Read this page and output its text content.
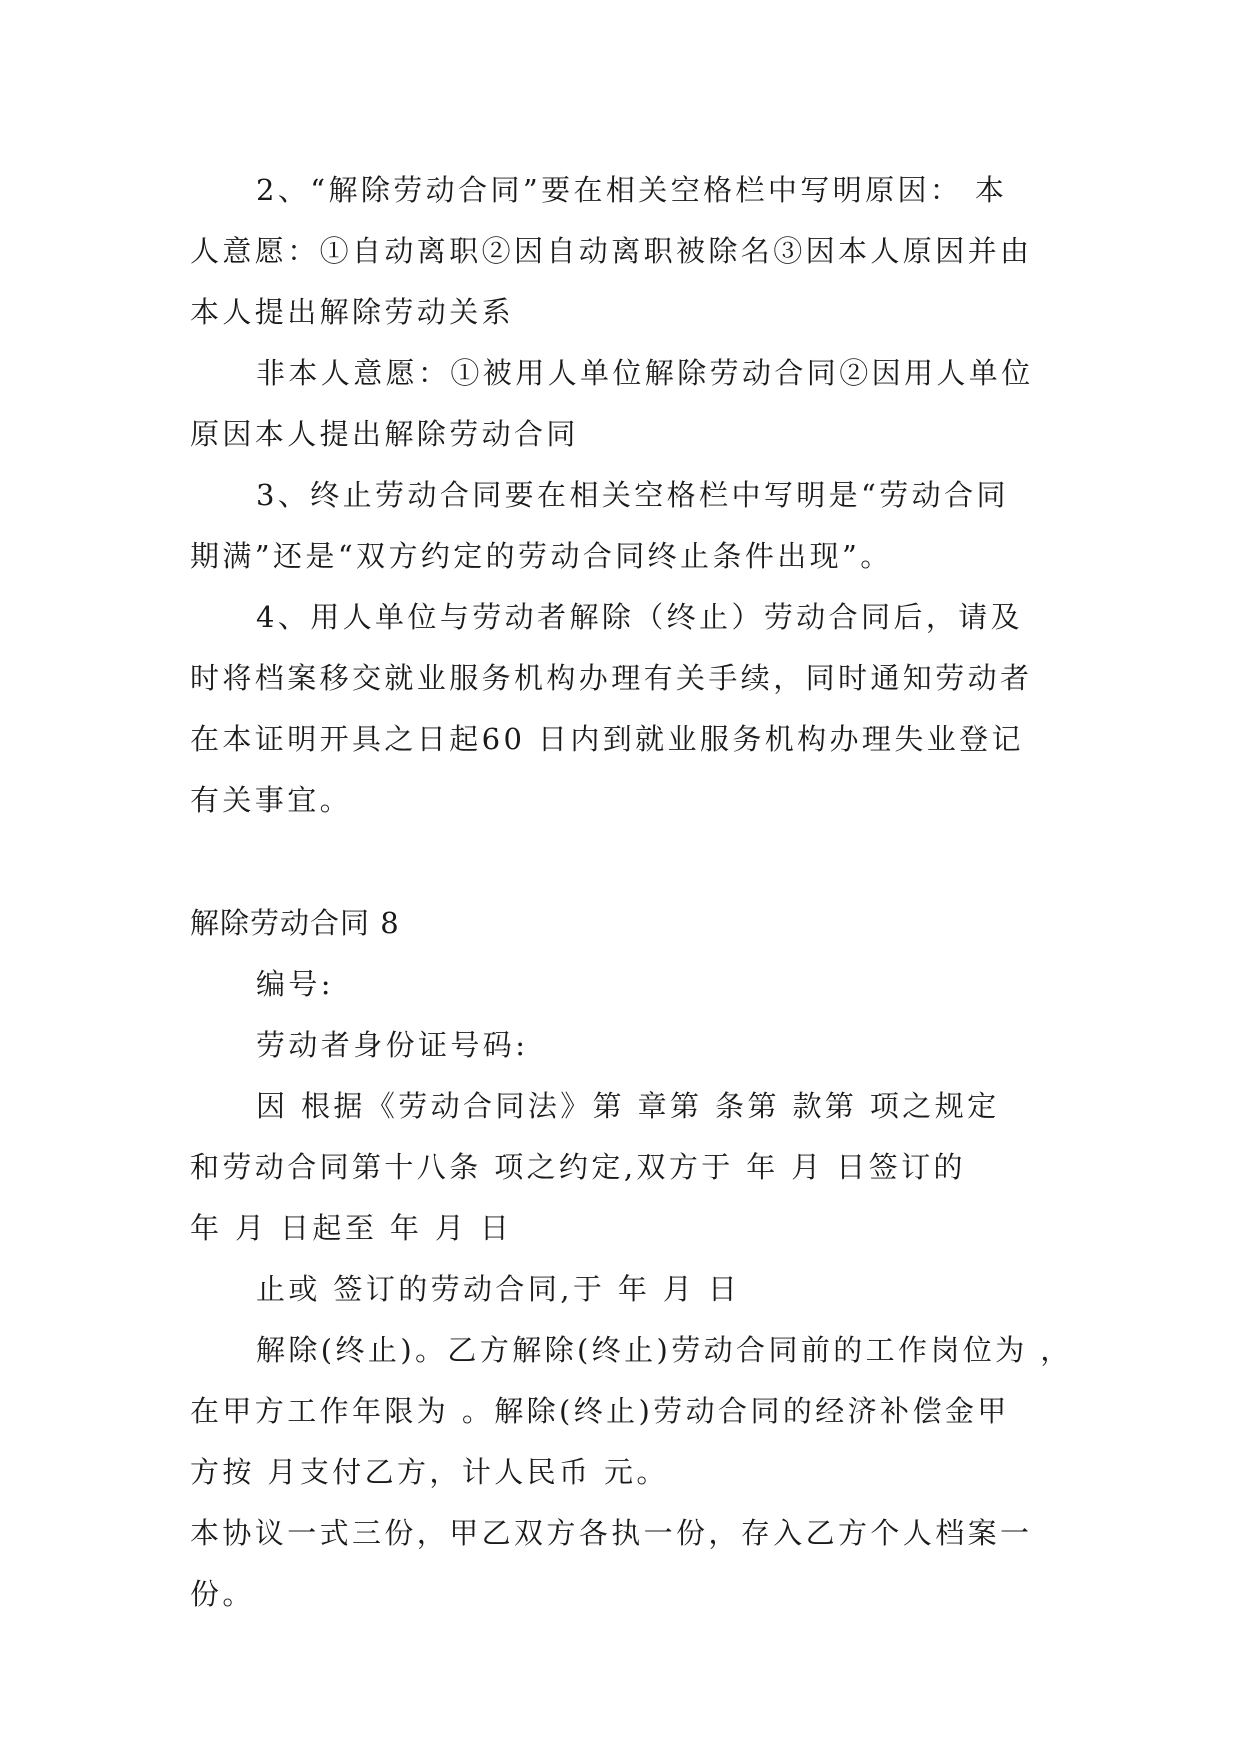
2、“解除劳动合同”要在相关空格栏中写明原因： 本
人意愿：①自动离职②因自动离职被除名③因本人原因并由
本人提出解除劳动关系
非本人意愿：①被用人单位解除劳动合同②因用人单位
原因本人提出解除劳动合同
3、终止劳动合同要在相关空格栏中写明是“劳动合同
期满”还是“双方约定的劳动合同终止条件出现”。
4、用人单位与劳动者解除（终止）劳动合同后，请及
时将档案移交就业服务机构办理有关手续，同时通知劳动者
在本证明开具之日起60 日内到就业服务机构办理失业登记
有关事宜。
解除劳动合同 8
编号:
劳动者身份证号码:
因 根据《劳动合同法》第 章第 条第 款第 项之规定
和劳动合同第十八条 项之约定,双方于 年 月 日签订的
年 月 日起至 年 月 日
止或 签订的劳动合同,于 年 月 日
解除(终止)。乙方解除(终止)劳动合同前的工作岗位为 ，
在甲方工作年限为 。解除(终止)劳动合同的经济补偿金甲
方按 月支付乙方，计人民币 元。
本协议一式三份，甲乙双方各执一份，存入乙方个人档案一
份。
